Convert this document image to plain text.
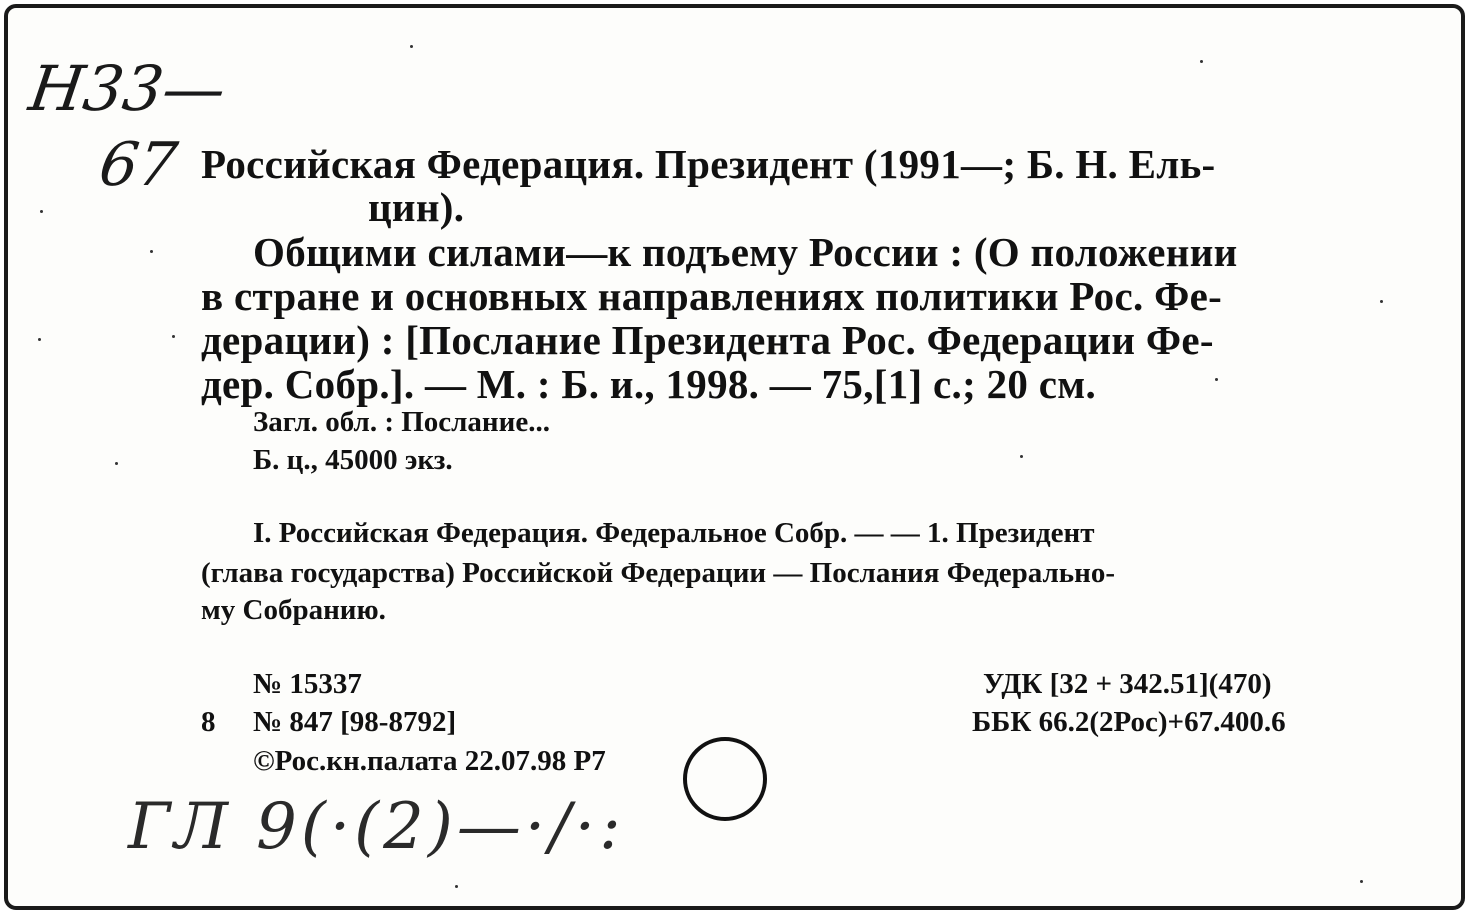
Н33—
67 Российская Федерация. Президент (1991—; Б. Н. Ель-
цин).
Общими силами—к подъему России : (О положении
в стране и основных направлениях политики Рос. Фе-
дерации) : [Послание Президента Рос. Федерации Фе-
дер. Собр.]. — М. : Б. и., 1998. — 75,[1] с.; 20 см.
Загл. обл. : Послание...
Б. ц., 45000 экз.
I. Российская Федерация. Федеральное Собр. — — 1. Президент
(глава государства) Российской Федерации — Послания Федерально-
му Собранию.
№ 15337
8 № 847 [98-8792]
©Рос.кн.палата 22.07.98 Р7
УДК [32 + 342.51](470)
ББК 66.2(2Рос)+67.400.6
ГЛ 9(·(2)—·/·:
